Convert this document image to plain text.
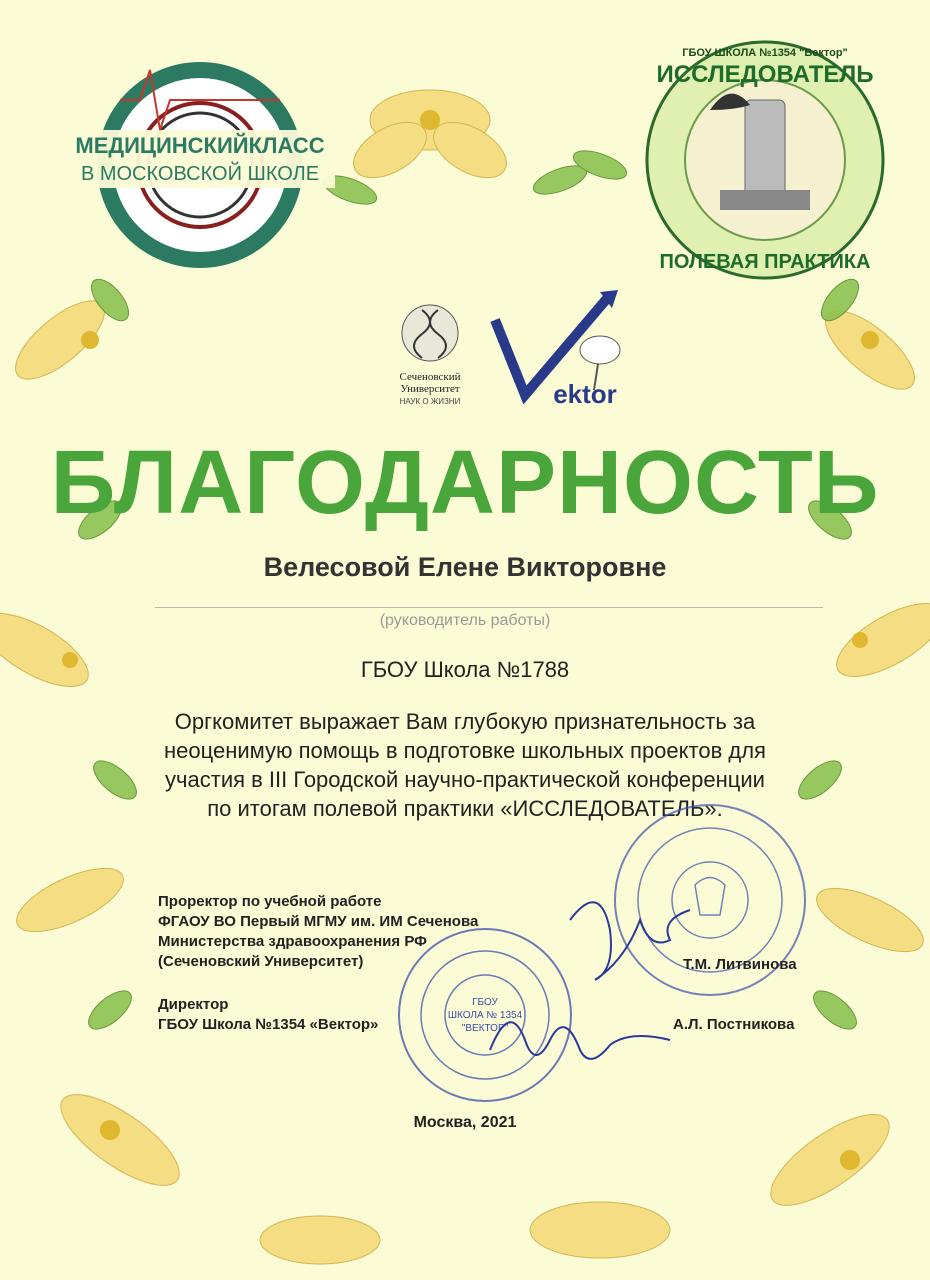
МЕДИЦИНСКИЙКЛАСС
В МОСКОВСКОЙ ШКОЛЕ
ГБОУ ШКОЛА №1354 "Вектор"
ИССЛЕДОВАТЕЛЬ
ПОЛЕВАЯ ПРАКТИКА
Сеченовский
Университет
НАУК О ЖИЗНИ	ektor
БЛАГОДАРНОСТЬ
Велесовой Елене Викторовне
(руководитель работы)
ГБОУ Школа №1788
Оргкомитет выражает Вам глубокую признательность за
неоценимую помощь в подготовке школьных проектов для
участия в III Городской научно-практической конференции
по итогам полевой практики «ИССЛЕДОВАТЕЛЬ».
ГБОУ
ШКОЛА № 1354
"ВЕКТОР"
Проректор по учебной работе
ФГАОУ ВО Первый МГМУ им. ИМ Сеченова
Министерства здравоохранения РФ
(Сеченовский Университет)	Т.М. Литвинова
Директор
ГБОУ Школа №1354 «Вектор»	А.Л. Постникова
Москва, 2021
